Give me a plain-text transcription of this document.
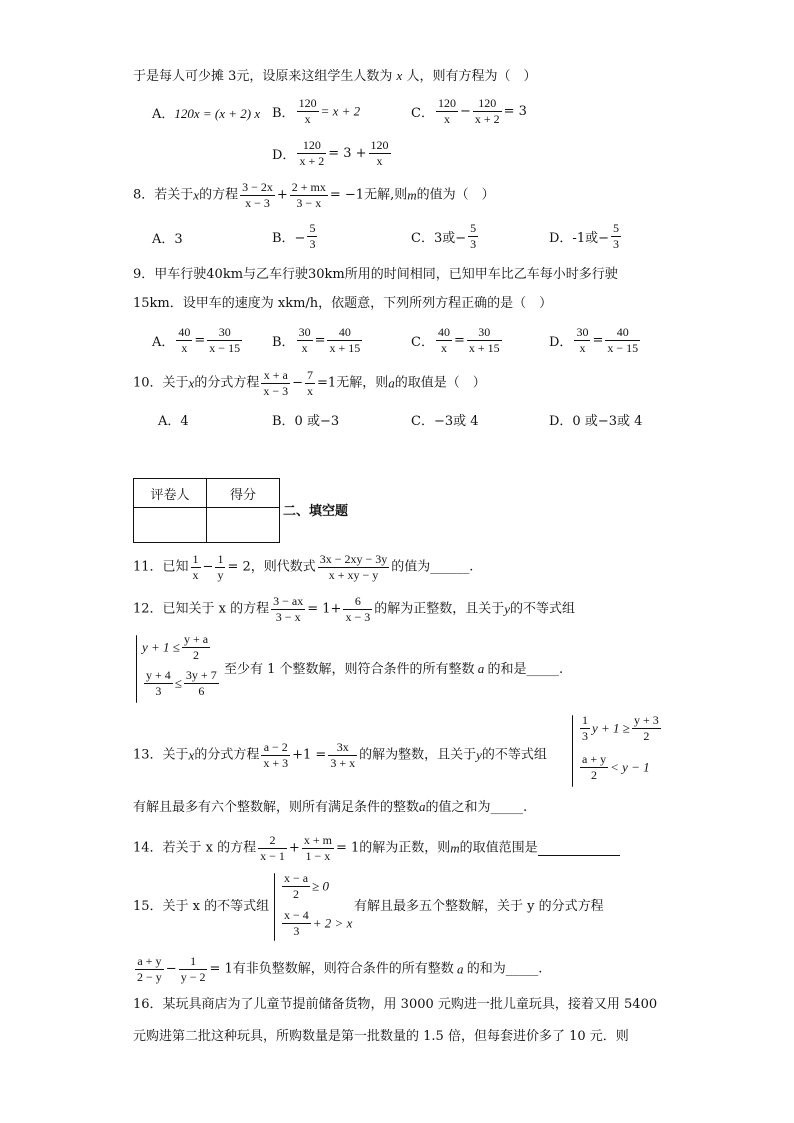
于是每人可少摊 3元，设原来这组学生人数为 x 人，则有方程为（　）
A．120x = (x + 2) x B． $\frac{120}{x} = x + 2$	C． $\frac{120}{x} - \frac{120}{x + 2} = 3$
D． $\frac{120}{x + 2} = 3 + \frac{120}{x}$
8．若关于x的方程 $\frac{3 - 2x}{x - 3} + \frac{2 + mx}{3 - x} = -1$无解,则m的值为（　）
A．3	B．− $\frac{5}{3}$	C．3或− $\frac{5}{3}$	D．-1或− $\frac{5}{3}$
9．甲车行驶40km与乙车行驶30km所用的时间相同，已知甲车比乙车每小时多行驶
15km．设甲车的速度为 xkm/h，依题意，下列所列方程正确的是（　）
A． $\frac{40}{x} = \frac{30}{x - 15}$ B． $\frac{30}{x} = \frac{40}{x + 15}$	C． $\frac{40}{x} = \frac{30}{x + 15}$	D． $\frac{30}{x} = \frac{40}{x - 15}$
10．关于x的分式方程 $\frac{x + a}{x - 3} - \frac{7}{x} =1$无解，则a的取值是（　）
A．4	B．0 或−3	C．−3或 4	D．0 或−3或 4
评卷人	得分

二、填空题
11．已知 $\frac{1}{x} - \frac{1}{y} = 2$，则代数式 $\frac{3x - 2xy - 3y}{x + xy - y}$ 的值为______.
12．已知关于 x 的方程 $\frac{3 - ax}{3 - x} = 1+ \frac{6}{x - 3}$ 的解为正整数，且关于y的不等式组
$y + 1 \le \frac{y + a}{2}$
$\frac{y + 4}{3} \le \frac{3y + 7}{6}$ 至少有 1 个整数解，则符合条件的所有整数 a 的和是_____.
13．关于x的分式方程 $\frac{a - 2}{x + 3} +1 = \frac{3x}{3 + x}$ 的解为整数，且关于y的不等式组
$\frac{1}{3}$ $y + 1 \ge \frac{y + 3}{2}$
$\frac{a + y}{2} < y - 1$
有解且最多有六个整数解，则所有满足条件的整数a的值之和为_____.
14．若关于 x 的方程 $\frac{2}{x - 1} + \frac{x + m}{1 - x} = 1$的解为正数，则m的取值范围是
15．关于 x 的不等式组
$\frac{x - a}{2} \ge 0$
$\frac{x - 4}{3} + 2 > x$
有解且最多五个整数解，关于 y 的分式方程
$\frac{a + y}{2 - y} - \frac{1}{y - 2} = 1$有非负整数解，则符合条件的所有整数 a 的和为_____.
16．某玩具商店为了儿童节提前储备货物，用 3000 元购进一批儿童玩具，接着又用 5400
元购进第二批这种玩具，所购数量是第一批数量的 1.5 倍，但每套进价多了 10 元．则
